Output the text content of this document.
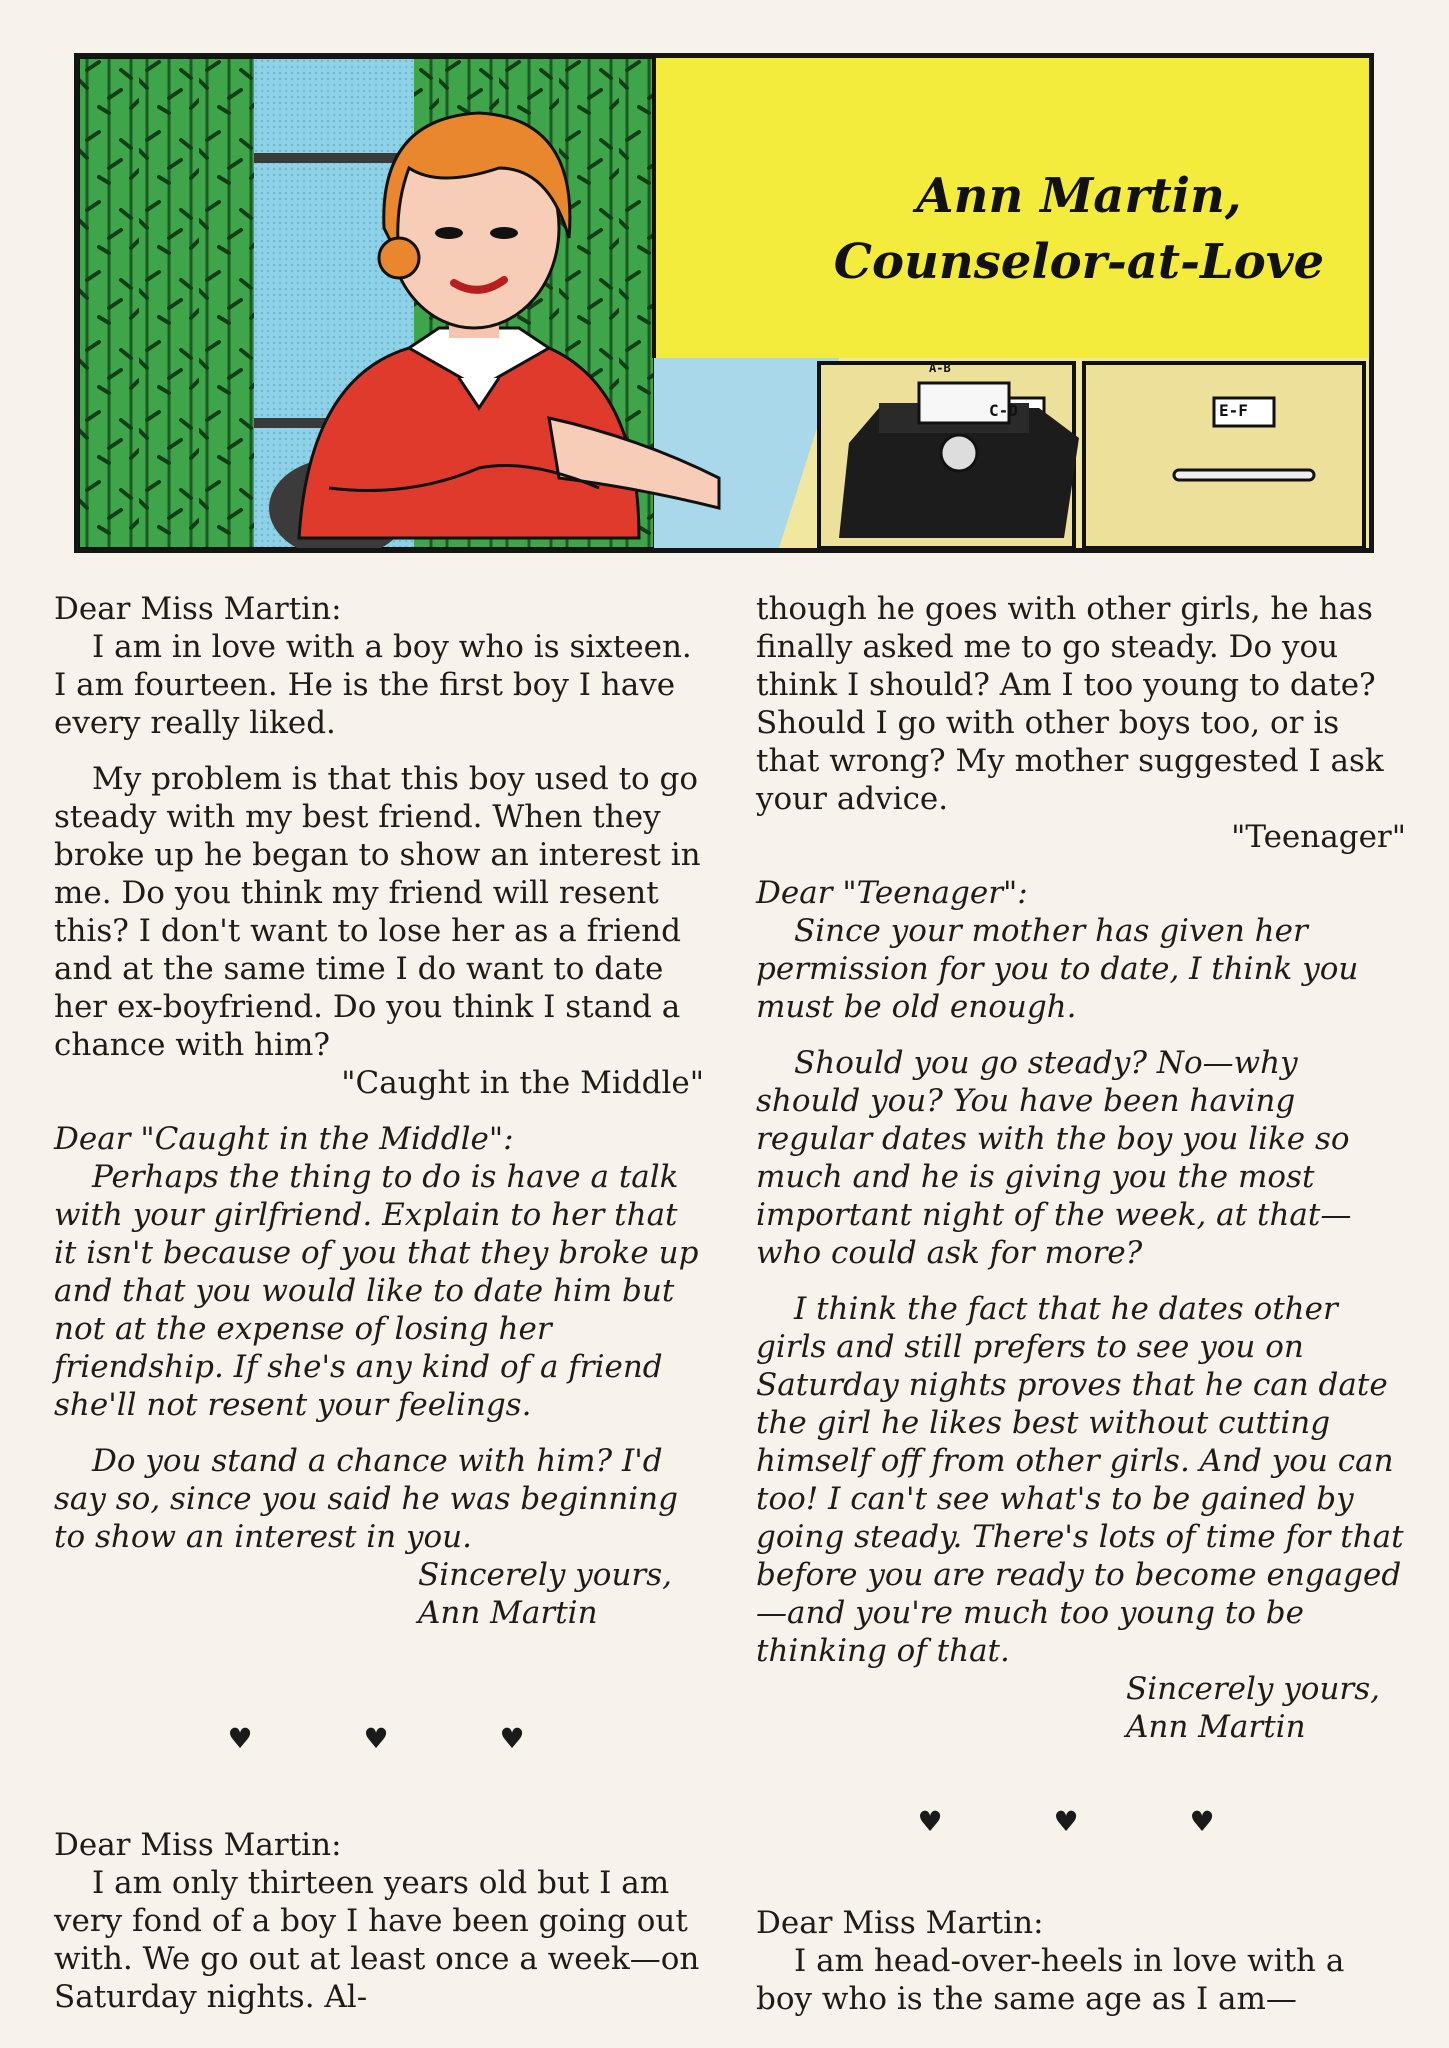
Ann Martin,
Counselor-at-Love
C-D	E-F
A-B

Dear Miss Martin:

I am in love with a boy who is sixteen. I am fourteen. He is the first boy I have every really liked.

My problem is that this boy used to go steady with my best friend. When they broke up he began to show an interest in me. Do you think my friend will resent this? I don't want to lose her as a friend and at the same time I do want to date her ex-boyfriend. Do you think I stand a chance with him?

"Caught in the Middle"

Dear "Caught in the Middle":

Perhaps the thing to do is have a talk with your girlfriend. Explain to her that it isn't because of you that they broke up and that you would like to date him but not at the expense of losing her friendship. If she's any kind of a friend she'll not resent your feelings.

Do you stand a chance with him? I'd say so, since you said he was beginning to show an interest in you.

Sincerely yours,

Ann Martin

♥	♥	♥

Dear Miss Martin:

I am only thirteen years old but I am very fond of a boy I have been going out with. We go out at least once a week—on Saturday nights. Al-

though he goes with other girls, he has finally asked me to go steady. Do you think I should? Am I too young to date? Should I go with other boys too, or is that wrong? My mother suggested I ask your advice.

"Teenager"

Dear "Teenager":

Since your mother has given her permission for you to date, I think you must be old enough.

Should you go steady? No—why should you? You have been having regular dates with the boy you like so much and he is giving you the most important night of the week, at that—who could ask for more?

I think the fact that he dates other girls and still prefers to see you on Saturday nights proves that he can date the girl he likes best without cutting himself off from other girls. And you can too! I can't see what's to be gained by going steady. There's lots of time for that before you are ready to become engaged—and you're much too young to be thinking of that.

Sincerely yours,

Ann Martin

♥	♥	♥

Dear Miss Martin:

I am head-over-heels in love with a boy who is the same age as I am—
